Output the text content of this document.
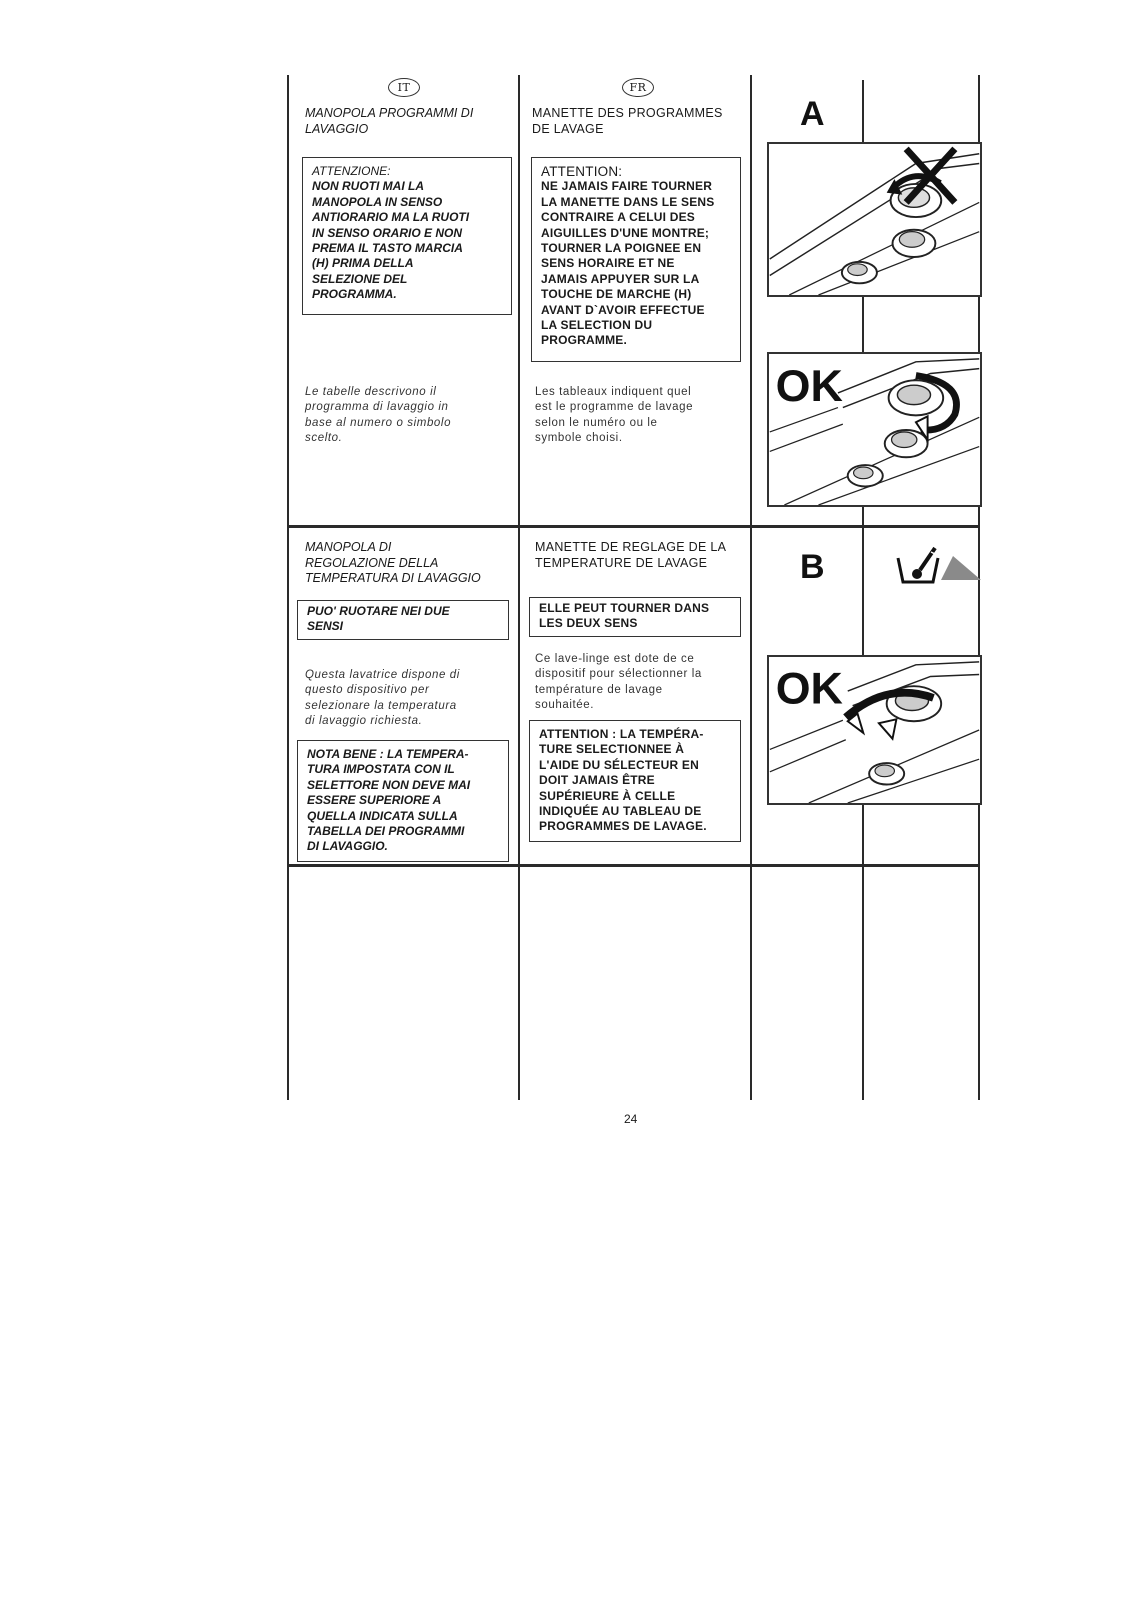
IT	FR
MANOPOLA PROGRAMMI DI
LAVAGGIO
MANETTE DES PROGRAMMES
DE LAVAGE
ATTENZIONE:
NON RUOTI MAI LA
MANOPOLA IN SENSO
ANTIORARIO MA LA RUOTI
IN SENSO ORARIO E NON
PREMA IL TASTO MARCIA
(H) PRIMA DELLA
SELEZIONE DEL
PROGRAMMA.
ATTENTION:
NE JAMAIS FAIRE TOURNER
LA MANETTE DANS LE SENS
CONTRAIRE A CELUI DES
AIGUILLES D'UNE MONTRE;
TOURNER LA POIGNEE EN
SENS HORAIRE ET NE
JAMAIS APPUYER SUR LA
TOUCHE DE MARCHE (H)
AVANT D`AVOIR EFFECTUE
LA SELECTION DU
PROGRAMME.
Le tabelle descrivono il
programma di lavaggio in
base al numero o simbolo
scelto.
Les tableaux indiquent quel
est le programme de lavage
selon le numéro ou le
symbole choisi.
A
OK
MANOPOLA DI
REGOLAZIONE DELLA
TEMPERATURA DI LAVAGGIO
MANETTE DE REGLAGE DE LA
TEMPERATURE DE LAVAGE
PUO' RUOTARE NEI DUE
SENSI
ELLE PEUT TOURNER DANS
LES DEUX SENS
Questa lavatrice dispone di
questo dispositivo per
selezionare la temperatura
di lavaggio richiesta.
Ce lave-linge est dote de ce
dispositif pour sélectionner la
température de lavage
souhaitée.
NOTA BENE : LA TEMPERA-
TURA IMPOSTATA CON IL
SELETTORE NON DEVE MAI
ESSERE SUPERIORE A
QUELLA INDICATA SULLA
TABELLA DEI PROGRAMMI
DI LAVAGGIO.
ATTENTION : LA TEMPÉRA-
TURE SELECTIONNEE À
L'AIDE DU SÉLECTEUR EN
DOIT JAMAIS ÊTRE
SUPÉRIEURE À CELLE
INDIQUÉE AU TABLEAU DE
PROGRAMMES DE LAVAGE.
B
OK
24
